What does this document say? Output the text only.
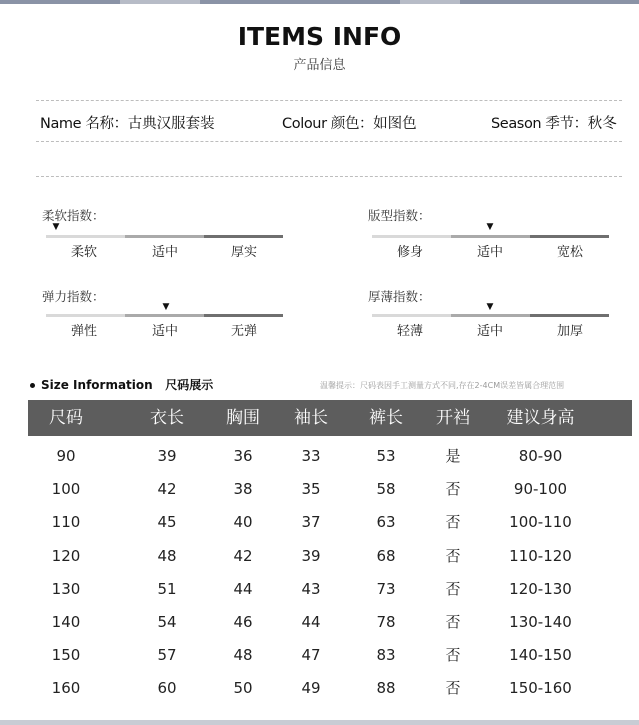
ITEMS INFO
产品信息
Name 名称：古典汉服套装	Colour 颜色：如图色	Season 季节：秋冬
柔软指数：
▼
柔软	适中	厚实
版型指数：
▼
修身	适中	宽松
弹力指数：
▼
弹性	适中	无弹
厚薄指数：
▼
轻薄	适中	加厚
Size Information 尺码展示	温馨提示：尺码表因手工测量方式不同,存在2-4CM误差皆属合理范围
尺码	衣长	胸围	袖长	裤长	开裆	建议身高
90	39	36	33	53	是	80-90
100	42	38	35	58	否	90-100
110	45	40	37	63	否	100-110
120	48	42	39	68	否	110-120
130	51	44	43	73	否	120-130
140	54	46	44	78	否	130-140
150	57	48	47	83	否	140-150
160	60	50	49	88	否	150-160
